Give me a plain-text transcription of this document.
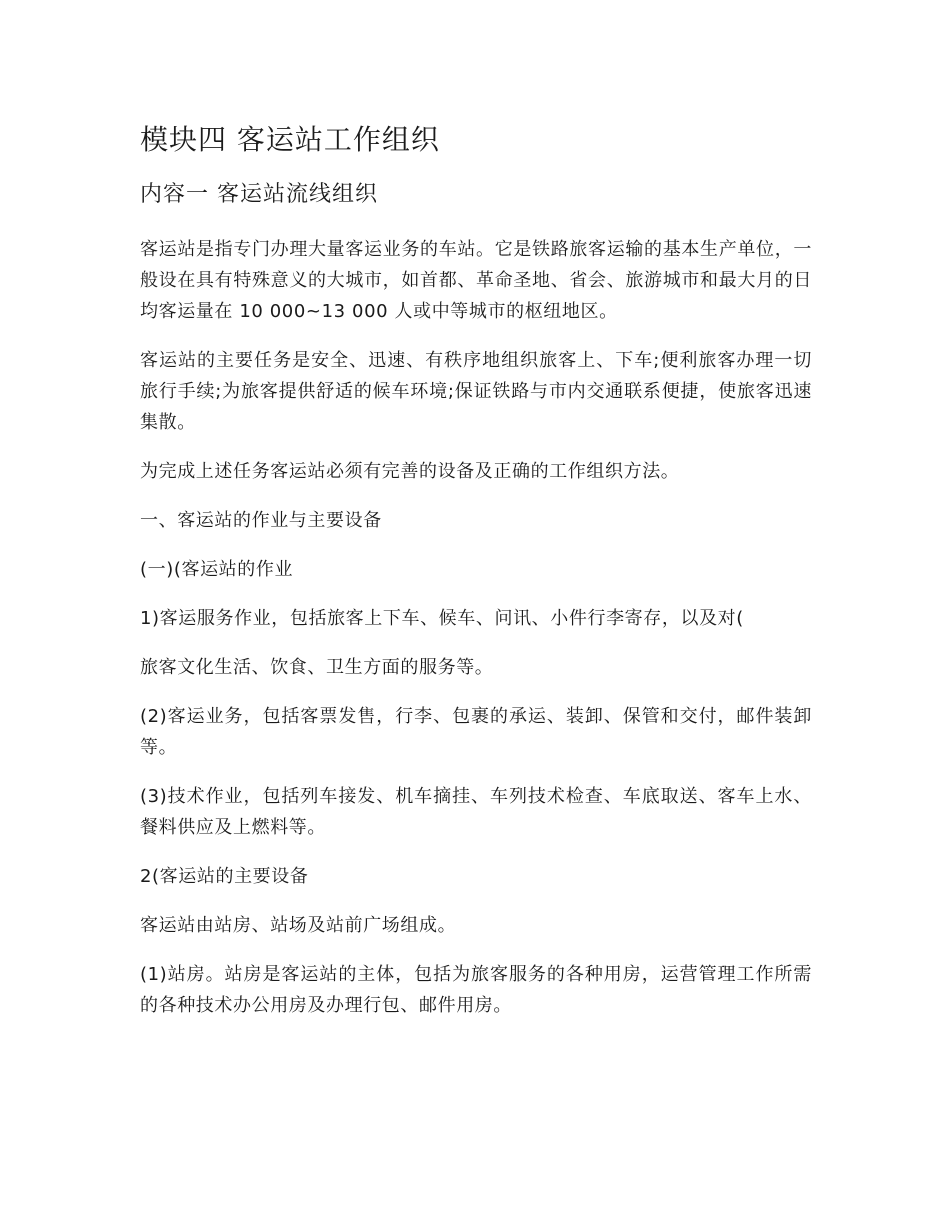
模块四 客运站工作组织
内容一 客运站流线组织

客运站是指专门办理大量客运业务的车站。它是铁路旅客运输的基本生产单位，一般设在具有特殊意义的大城市，如首都、革命圣地、省会、旅游城市和最大月的日均客运量在 10 000~13 000 人或中等城市的枢纽地区。

客运站的主要任务是安全、迅速、有秩序地组织旅客上、下车;便利旅客办理一切旅行手续;为旅客提供舒适的候车环境;保证铁路与市内交通联系便捷，使旅客迅速集散。

为完成上述任务客运站必须有完善的设备及正确的工作组织方法。

一、客运站的作业与主要设备

(一)(客运站的作业

1)客运服务作业，包括旅客上下车、候车、问讯、小件行李寄存，以及对(

旅客文化生活、饮食、卫生方面的服务等。

(2)客运业务，包括客票发售，行李、包裹的承运、装卸、保管和交付，邮件装卸等。

(3)技术作业，包括列车接发、机车摘挂、车列技术检查、车底取送、客车上水、餐料供应及上燃料等。

2(客运站的主要设备

客运站由站房、站场及站前广场组成。

(1)站房。站房是客运站的主体，包括为旅客服务的各种用房，运营管理工作所需的各种技术办公用房及办理行包、邮件用房。
